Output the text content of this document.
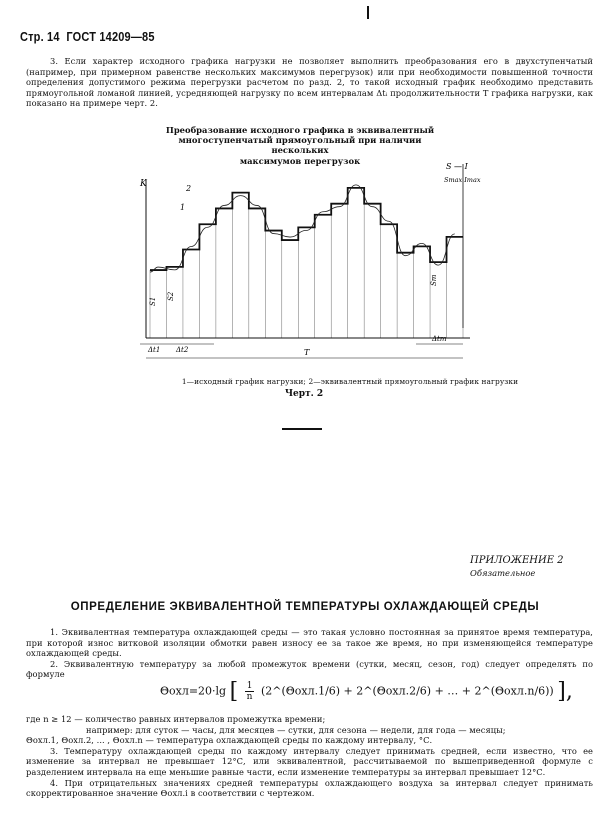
Стр. 14 ГОСТ 14209—85

3. Если характер исходного графика нагрузки не позволяет выполнить преобразования его в двухступенчатый (например, при примерном равенстве нескольких максимумов перегрузок) или при необходимости повышенной точности определения допустимого режима перегрузки расчетом по разд. 2, то такой исходный график необходимо представить прямоугольной ломаной линией, усредняющей нагрузку по всем интервалам Δtᵢ продолжительности T графика нагрузки, как показано на примере черт. 2.

Преобразование исходного графика в эквивалентный
многоступенчатый прямоугольный при наличии нескольких
максимумов перегрузок
K
S — I
Smax Imax
1
2
S1
S2
Sm
Δt1 Δt2
Δtm
T
1—исходный график нагрузки; 2—эквивалентный прямоугольный график нагрузки
Черт. 2
ПРИЛОЖЕНИЕ 2
Обязательное
ОПРЕДЕЛЕНИЕ ЭКВИВАЛЕНТНОЙ ТЕМПЕРАТУРЫ ОХЛАЖДАЮЩЕЙ СРЕДЫ

1. Эквивалентная температура охлаждающей среды — это такая условно постоянная за принятое время температура, при которой износ витковой изоляции обмотки равен износу ее за такое же время, но при изменяющейся температуре охлаждающей среды.

2. Эквивалентную температуру за любой промежуток времени (сутки, месяц, сезон, год) следует определять по формуле

Θохл=20·lg [ $\frac{1}{n}$ (2^(Θохл.1/6) + 2^(Θохл.2/6) + … + 2^(Θохл.n/6)) ],

где n ≥ 12 — количество равных интервалов промежутка времени;

например: для суток — часы, для месяцев — сутки, для сезона — недели, для года — месяцы;

Θохл.1, Θохл.2, ... , Θохл.n — температура охлаждающей среды по каждому интервалу, °С.

3. Температуру охлаждающей среды по каждому интервалу следует принимать средней, если известно, что ее изменение за интервал не превышает 12°С, или эквивалентной, рассчитываемой по вышеприведенной формуле с разделением интервала на еще меньшие равные части, если изменение температуры за интервал превышает 12°С.

4. При отрицательных значениях средней температуры охлаждающего воздуха за интервал следует принимать скорректированное значение Θохл.i в соответствии с чертежом.
